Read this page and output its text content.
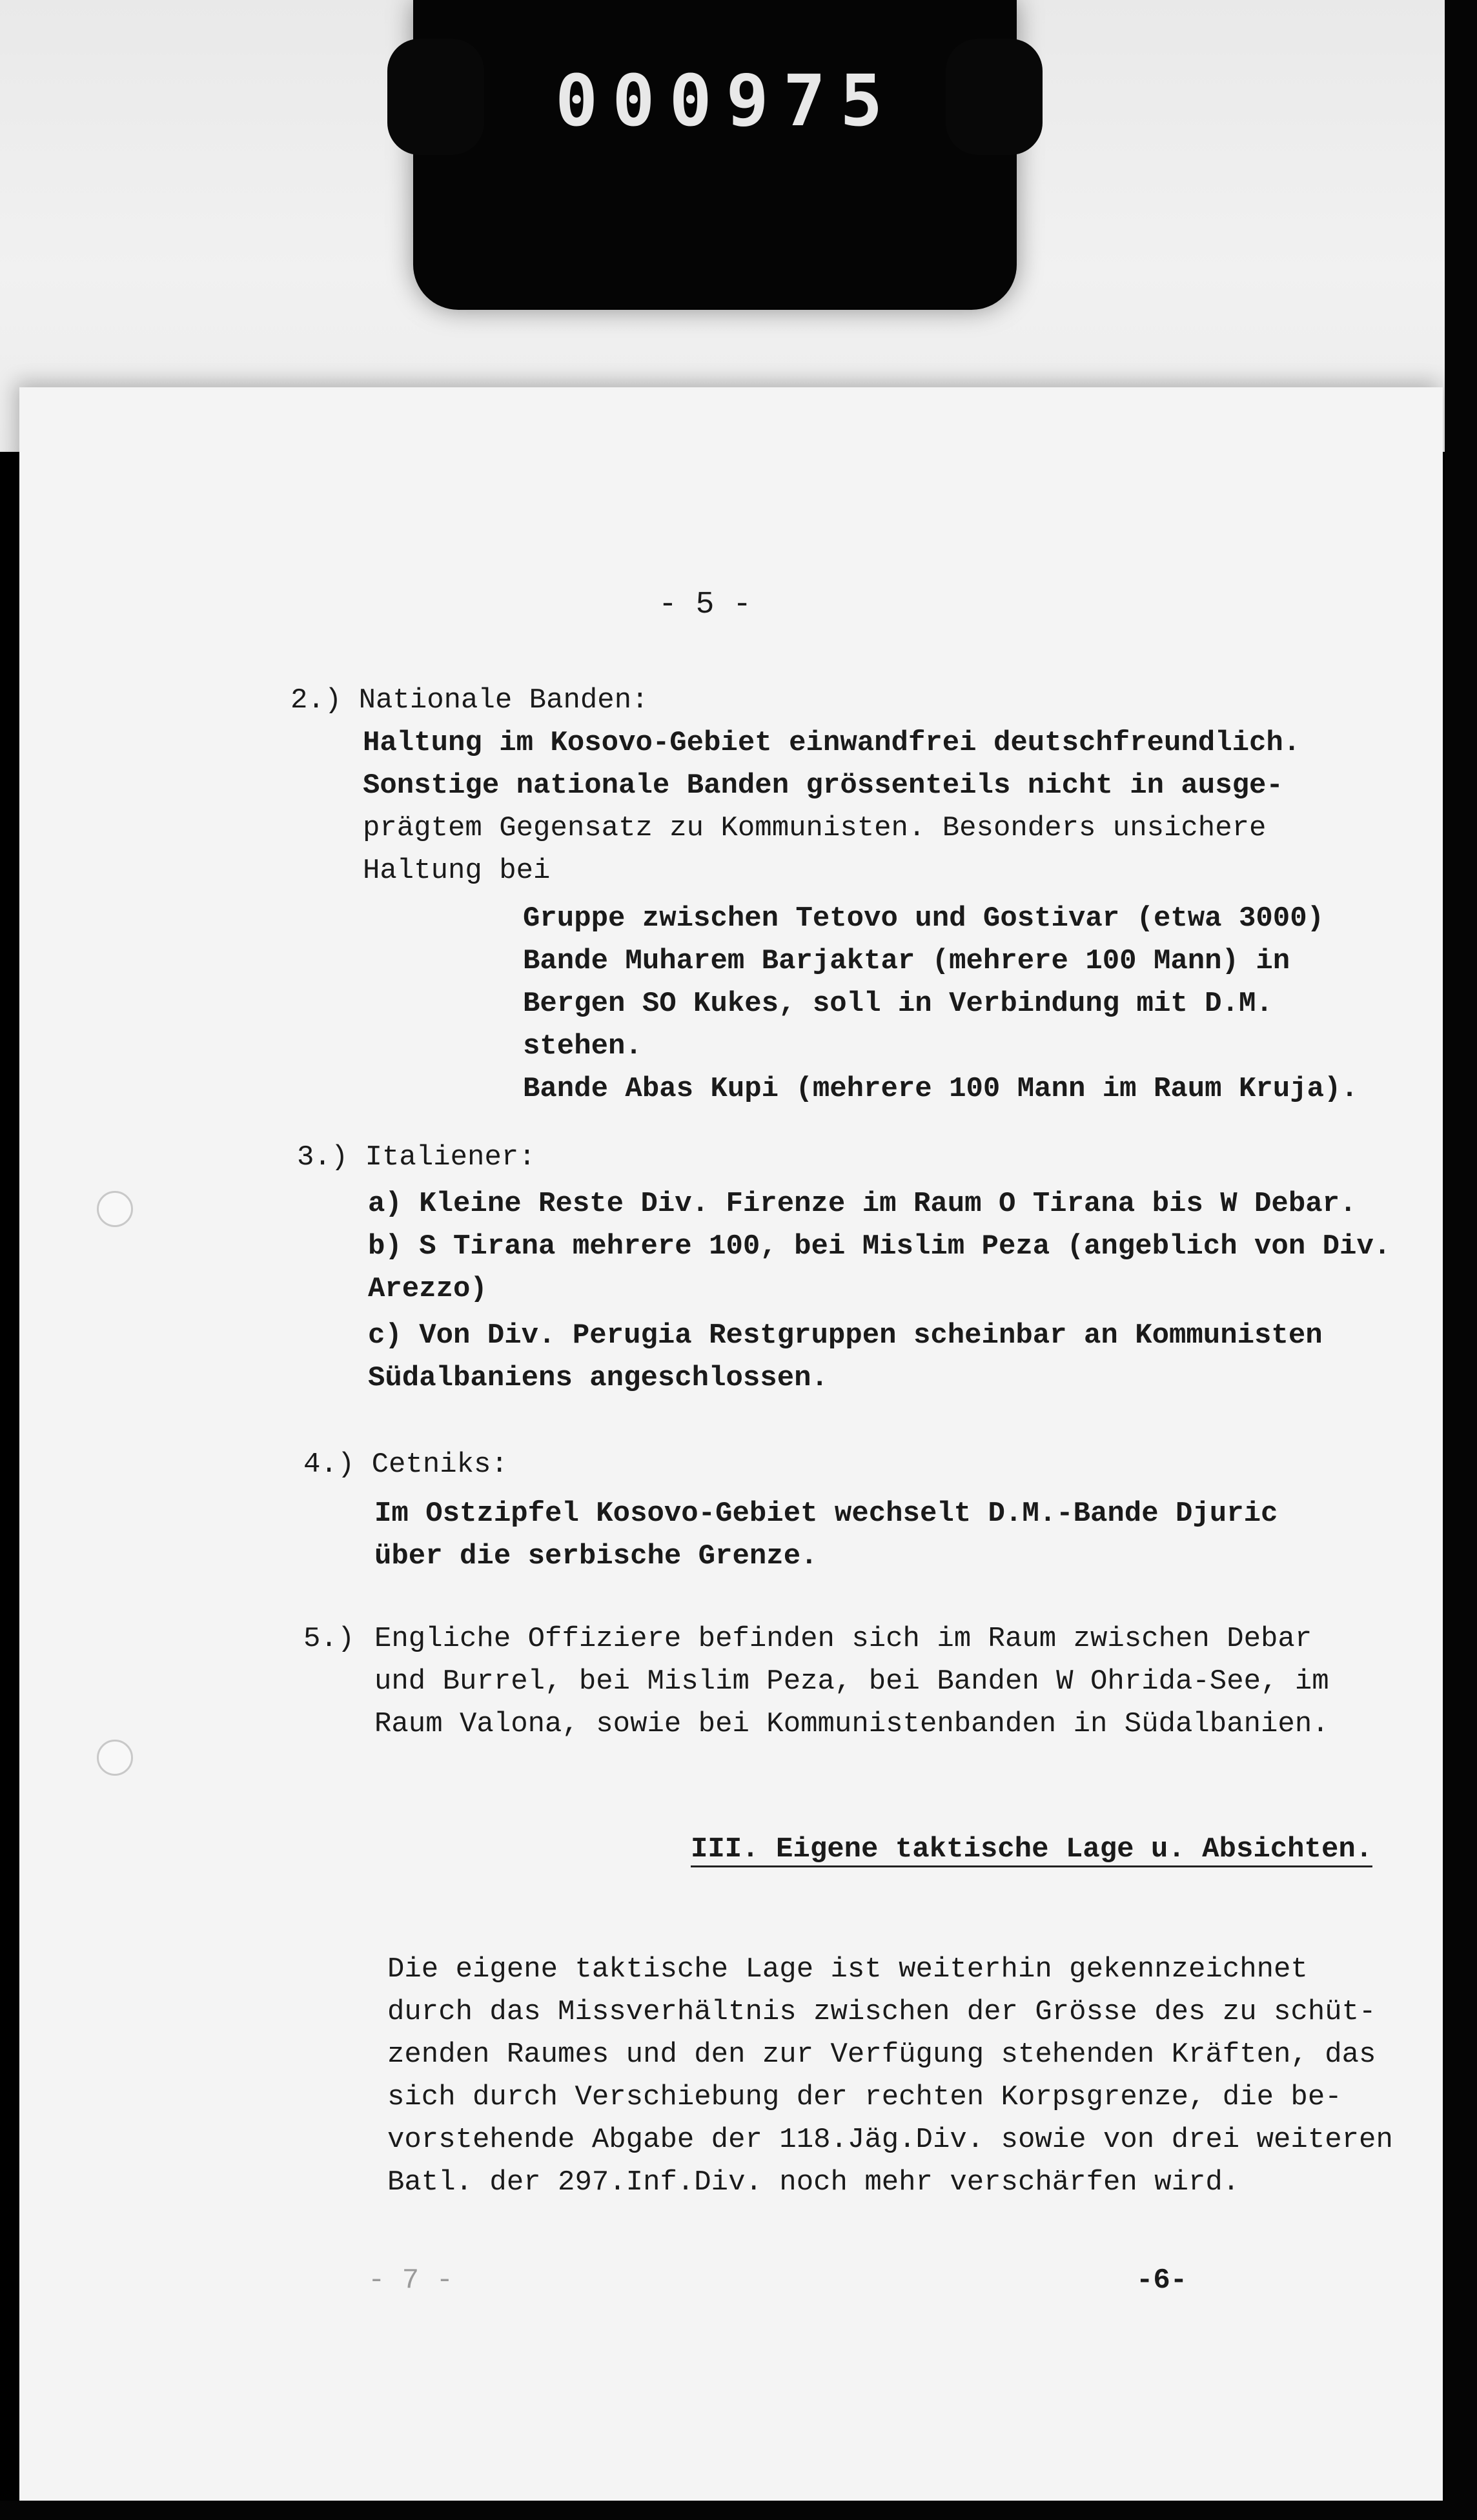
000975
- 5 -
2.) Nationale Banden:
Haltung im Kosovo-Gebiet einwandfrei deutschfreundlich.
Sonstige nationale Banden grössenteils nicht in ausge-
prägtem Gegensatz zu Kommunisten. Besonders unsichere
Haltung bei
Gruppe zwischen Tetovo und Gostivar (etwa 3000)
Bande Muharem Barjaktar (mehrere 100 Mann) in
Bergen SO Kukes, soll in Verbindung mit D.M.
stehen.
Bande Abas Kupi (mehrere 100 Mann im Raum Kruja).
3.) Italiener:
a) Kleine Reste Div. Firenze im Raum O Tirana bis W Debar.
b) S Tirana mehrere 100, bei Mislim Peza (angeblich von Div.
Arezzo)
c) Von Div. Perugia Restgruppen scheinbar an Kommunisten
Südalbaniens angeschlossen.
4.) Cetniks:
Im Ostzipfel Kosovo-Gebiet wechselt D.M.-Bande Djuric
über die serbische Grenze.
5.) Engliche Offiziere befinden sich im Raum zwischen Debar
und Burrel, bei Mislim Peza, bei Banden W Ohrida-See, im
Raum Valona, sowie bei Kommunistenbanden in Südalbanien.
III. Eigene taktische Lage u. Absichten.
Die eigene taktische Lage ist weiterhin gekennzeichnet
durch das Missverhältnis zwischen der Grösse des zu schüt-
zenden Raumes und den zur Verfügung stehenden Kräften, das
sich durch Verschiebung der rechten Korpsgrenze, die be-
vorstehende Abgabe der 118.Jäg.Div. sowie von drei weiteren
Batl. der 297.Inf.Div. noch mehr verschärfen wird.
- 7 -	-6-
